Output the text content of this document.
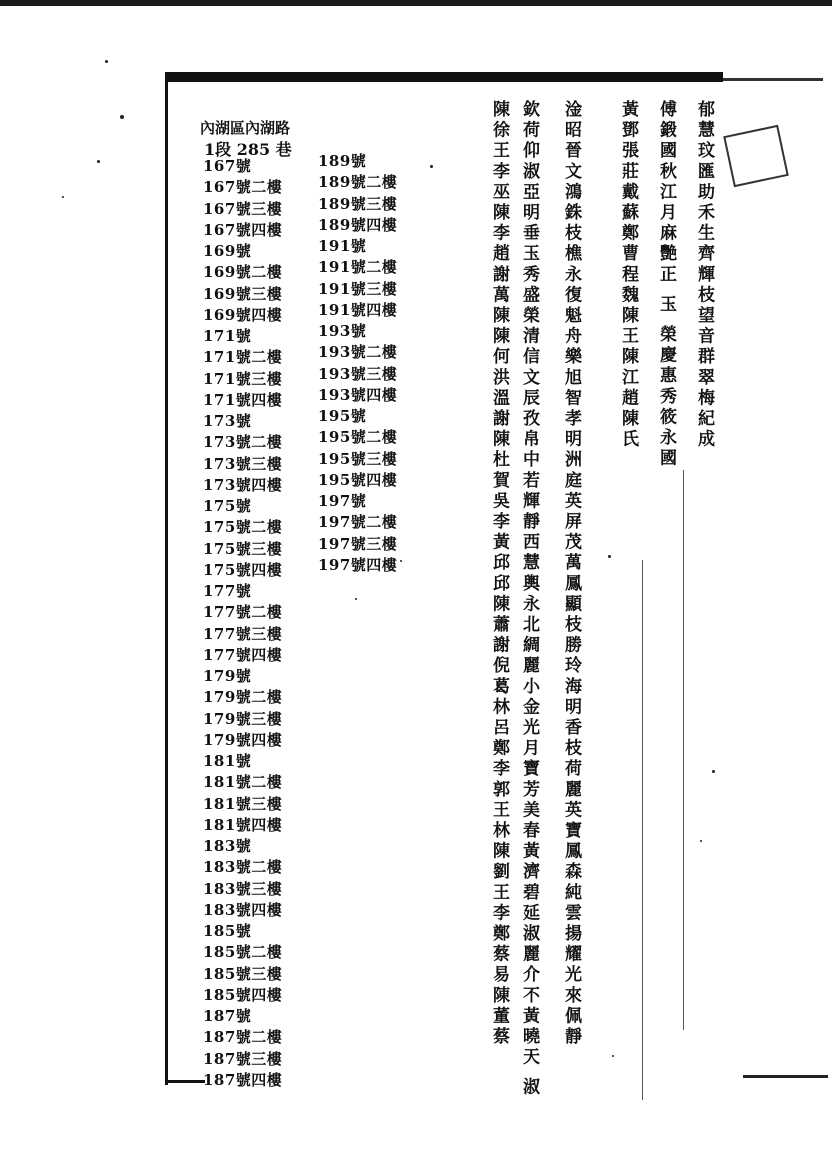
內湖區內湖路
1段 285 巷
167號
167號二樓
167號三樓
167號四樓
169號
169號二樓
169號三樓
169號四樓
171號
171號二樓
171號三樓
171號四樓
173號
173號二樓
173號三樓
173號四樓
175號
175號二樓
175號三樓
175號四樓
177號
177號二樓
177號三樓
177號四樓
179號
179號二樓
179號三樓
179號四樓
181號
181號二樓
181號三樓
181號四樓
183號
183號二樓
183號三樓
183號四樓
185號
185號二樓
185號三樓
185號四樓
187號
187號二樓
187號三樓
187號四樓
189號
189號二樓
189號三樓
189號四樓
191號
191號二樓
191號三樓
191號四樓
193號
193號二樓
193號三樓
193號四樓
195號
195號二樓
195號三樓
195號四樓
197號
197號二樓
197號三樓
197號四樓
郁慧玟匯助禾生齊輝枝望音群翠梅紀成
傅鍛國秋江月麻艷正 玉 榮慶惠秀筱永國
黃鄧張莊戴蘇鄭曹程魏陳王陳江趙陳氏
淦昭晉文鴻銖枝樵永復魁舟樂旭智孝明洲庭英屏茂萬鳳顯枝勝玲海明香枝荷麗英寶鳳森純雲揚耀光來佩靜
欽荷仰淑亞明垂玉秀盛榮清信文辰孜帛中若輝靜西慧輿永北綢麗小金光月寶芳美春黃濟碧延淑麗介不黃曉天 淑
陳徐王李巫陳李趙謝萬陳陳何洪溫謝陳杜賀吳李黃邱邱陳蕭謝倪葛林呂鄭李郭王林陳劉王李鄭蔡易陳董蔡
